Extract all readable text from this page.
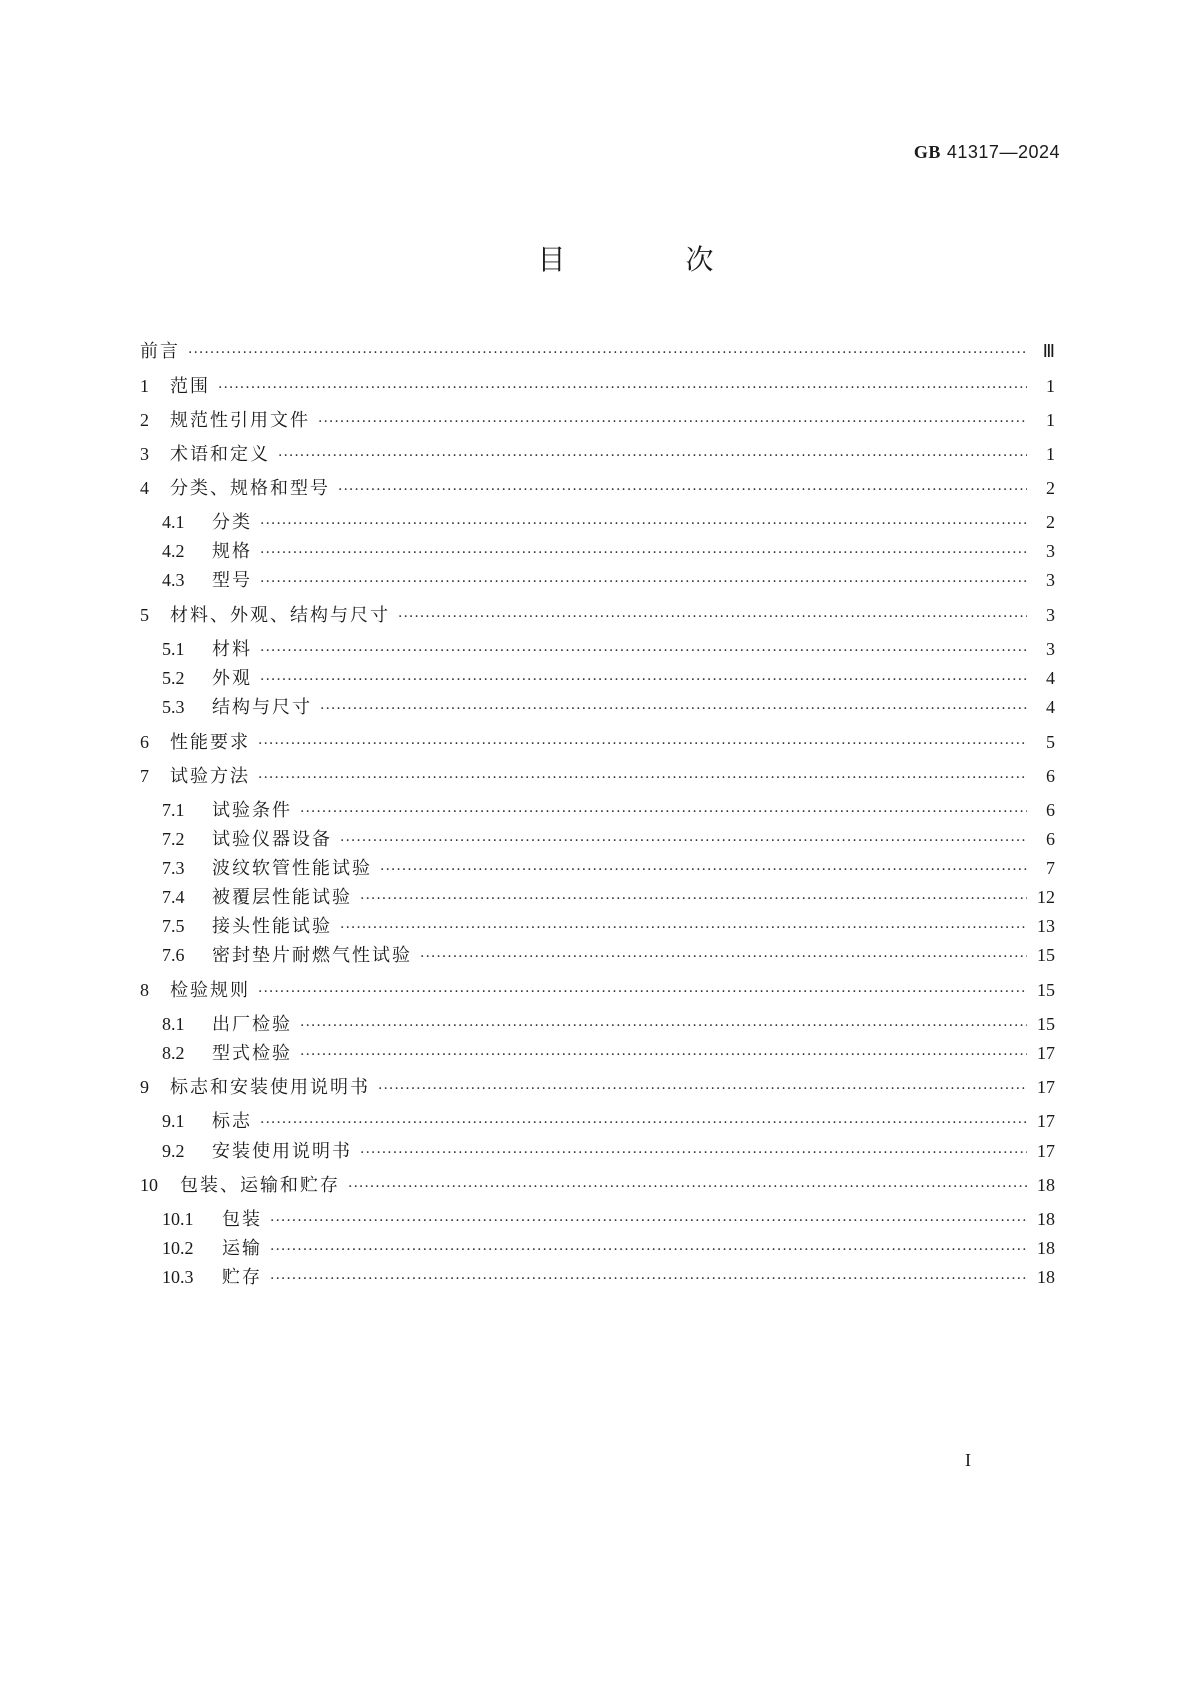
GB 41317—2024
目 次
前言 ·····	Ⅲ
1	范围 ·····	1
2	规范性引用文件 ·····	1
3	术语和定义 ·····	1
4	分类、规格和型号 ·····	2
4.1	分类 ·····	2
4.2	规格 ·····	3
4.3	型号 ·····	3
5	材料、外观、结构与尺寸 ·····	3
5.1	材料 ·····	3
5.2	外观 ·····	4
5.3	结构与尺寸 ·····	4
6	性能要求 ·····	5
7	试验方法 ·····	6
7.1	试验条件 ·····	6
7.2	试验仪器设备 ·····	6
7.3	波纹软管性能试验 ·····	7
7.4	被覆层性能试验 ·····	12
7.5	接头性能试验 ·····	13
7.6	密封垫片耐燃气性试验 ·····	15
8	检验规则 ·····	15
8.1	出厂检验 ·····	15
8.2	型式检验 ·····	17
9	标志和安装使用说明书 ·····	17
9.1	标志 ·····	17
9.2	安装使用说明书 ·····	17
10	包装、运输和贮存 ·····	18
10.1	包装 ·····	18
10.2	运输 ·····	18
10.3	贮存 ·····	18
I
